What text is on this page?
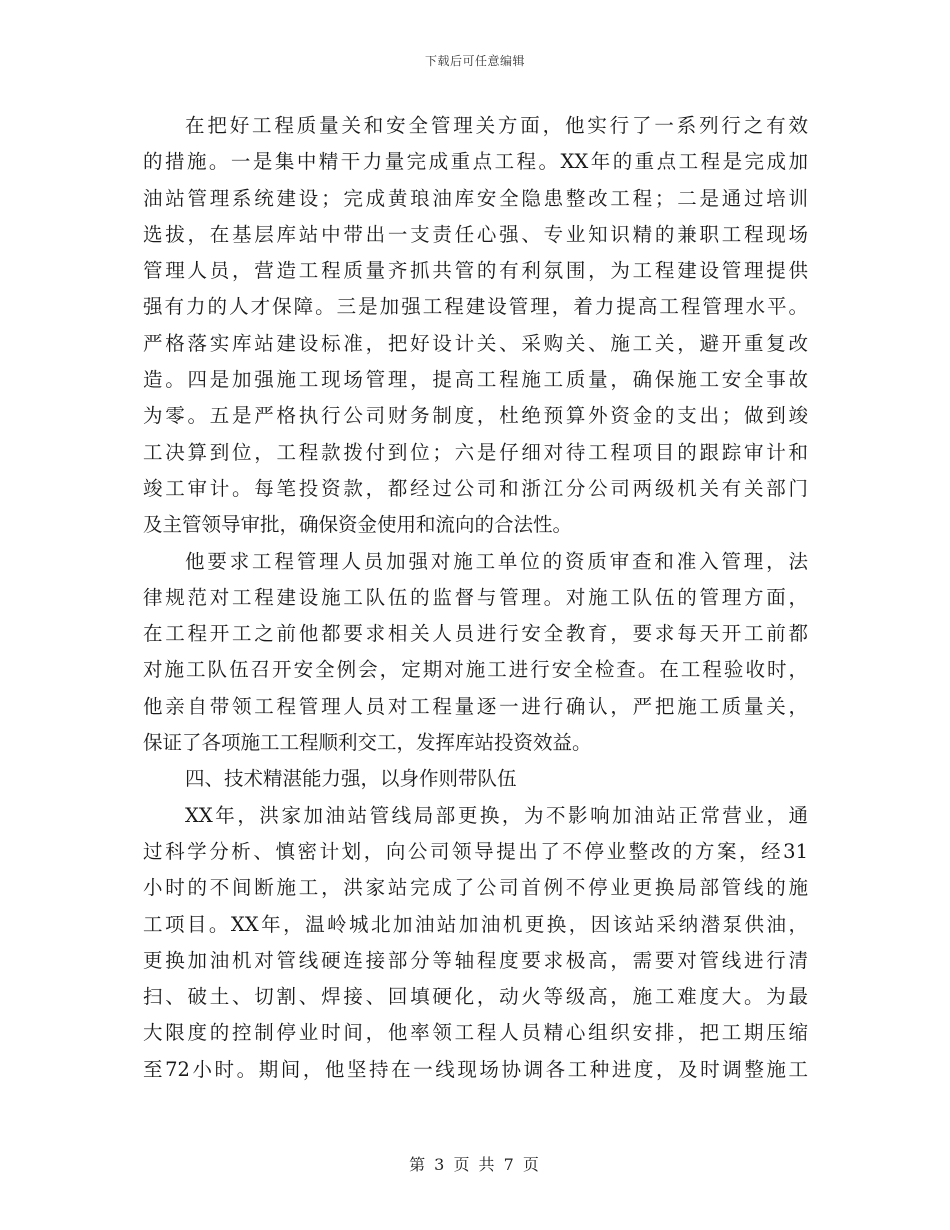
下载后可任意编辑
在把好工程质量关和安全管理关方面，他实行了一系列行之有效
的措施。一是集中精干力量完成重点工程。XX年的重点工程是完成加
油站管理系统建设；完成黄琅油库安全隐患整改工程；二是通过培训
选拔，在基层库站中带出一支责任心强、专业知识精的兼职工程现场
管理人员，营造工程质量齐抓共管的有利氛围，为工程建设管理提供
强有力的人才保障。三是加强工程建设管理，着力提高工程管理水平。
严格落实库站建设标准，把好设计关、采购关、施工关，避开重复改
造。四是加强施工现场管理，提高工程施工质量，确保施工安全事故
为零。五是严格执行公司财务制度，杜绝预算外资金的支出；做到竣
工决算到位，工程款拨付到位；六是仔细对待工程项目的跟踪审计和
竣工审计。每笔投资款，都经过公司和浙江分公司两级机关有关部门
及主管领导审批，确保资金使用和流向的合法性。
他要求工程管理人员加强对施工单位的资质审查和准入管理，法
律规范对工程建设施工队伍的监督与管理。对施工队伍的管理方面，
在工程开工之前他都要求相关人员进行安全教育，要求每天开工前都
对施工队伍召开安全例会，定期对施工进行安全检查。在工程验收时，
他亲自带领工程管理人员对工程量逐一进行确认，严把施工质量关，
保证了各项施工工程顺利交工，发挥库站投资效益。
四、技术精湛能力强，以身作则带队伍
XX年，洪家加油站管线局部更换，为不影响加油站正常营业，通
过科学分析、慎密计划，向公司领导提出了不停业整改的方案，经31
小时的不间断施工，洪家站完成了公司首例不停业更换局部管线的施
工项目。XX年，温岭城北加油站加油机更换，因该站采纳潜泵供油，
更换加油机对管线硬连接部分等轴程度要求极高，需要对管线进行清
扫、破土、切割、焊接、回填硬化，动火等级高，施工难度大。为最
大限度的控制停业时间，他率领工程人员精心组织安排，把工期压缩
至72小时。期间，他坚持在一线现场协调各工种进度，及时调整施工
第 3 页 共 7 页
